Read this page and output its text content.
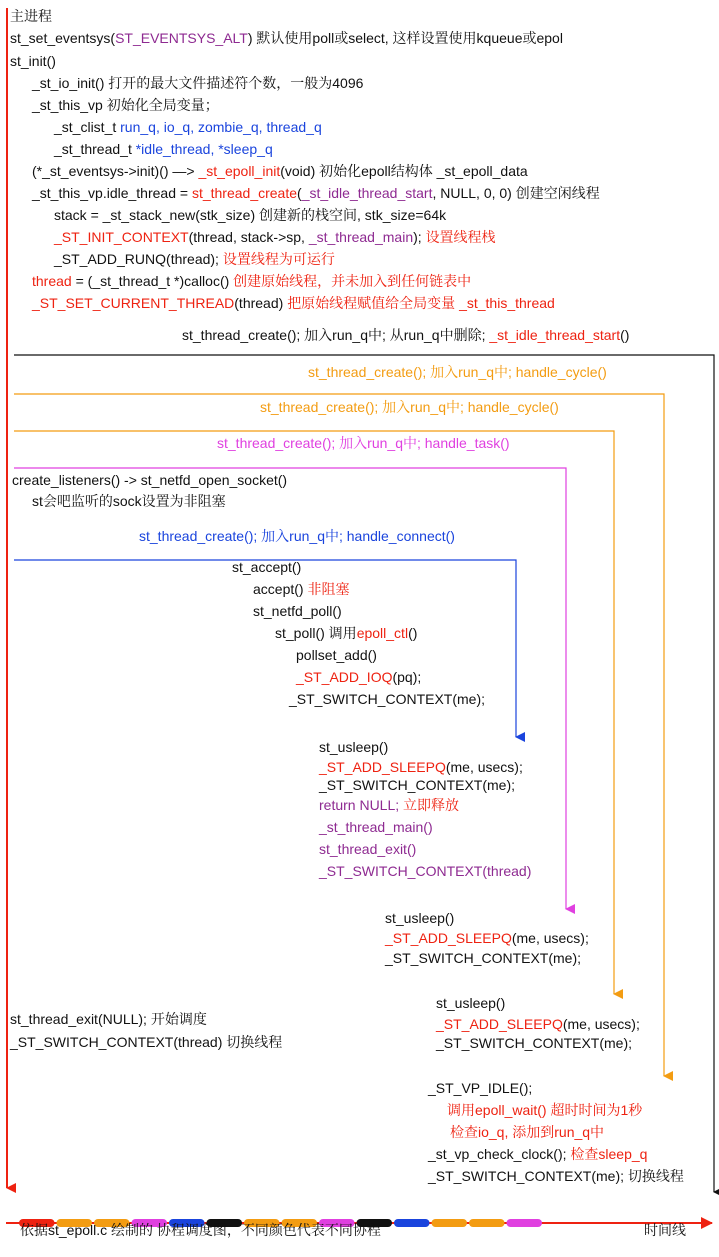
主进程
st_set_eventsys(ST_EVENTSYS_ALT) 默认使用poll或select, 这样设置使用kqueue或epol
st_init()
_st_io_init() 打开的最大文件描述符个数，一般为4096
_st_this_vp 初始化全局变量；
_st_clist_t run_q, io_q, zombie_q, thread_q
_st_thread_t *idle_thread, *sleep_q
(*_st_eventsys->init)() —> _st_epoll_init(void) 初始化epoll结构体 _st_epoll_data
_st_this_vp.idle_thread = st_thread_create(_st_idle_thread_start, NULL, 0, 0) 创建空闲线程
stack = _st_stack_new(stk_size) 创建新的栈空间, stk_size=64k
_ST_INIT_CONTEXT(thread, stack->sp, _st_thread_main); 设置线程栈
_ST_ADD_RUNQ(thread); 设置线程为可运行
thread = (_st_thread_t *)calloc() 创建原始线程，并未加入到任何链表中
_ST_SET_CURRENT_THREAD(thread) 把原始线程赋值给全局变量 _st_this_thread
st_thread_create(); 加入run_q中; 从run_q中删除; _st_idle_thread_start()
st_thread_create(); 加入run_q中; handle_cycle()
st_thread_create(); 加入run_q中; handle_cycle()
st_thread_create(); 加入run_q中; handle_task()
create_listeners() -> st_netfd_open_socket()
st会吧监听的sock设置为非阻塞
st_thread_create(); 加入run_q中; handle_connect()
st_accept()
accept() 非阻塞
st_netfd_poll()
st_poll() 调用epoll_ctl()
pollset_add()
_ST_ADD_IOQ(pq);
_ST_SWITCH_CONTEXT(me);
st_usleep()
_ST_ADD_SLEEPQ(me, usecs);
_ST_SWITCH_CONTEXT(me);
return NULL; 立即释放
_st_thread_main()
st_thread_exit()
_ST_SWITCH_CONTEXT(thread)
st_usleep()
_ST_ADD_SLEEPQ(me, usecs);
_ST_SWITCH_CONTEXT(me);
st_usleep()
_ST_ADD_SLEEPQ(me, usecs);
_ST_SWITCH_CONTEXT(me);
st_thread_exit(NULL); 开始调度
_ST_SWITCH_CONTEXT(thread) 切换线程
_ST_VP_IDLE();
调用epoll_wait() 超时时间为1秒
检查io_q, 添加到run_q中
_st_vp_check_clock(); 检查sleep_q
_ST_SWITCH_CONTEXT(me); 切换线程
依据st_epoll.c 绘制的 协程调度图，不同颜色代表不同协程	时间线
